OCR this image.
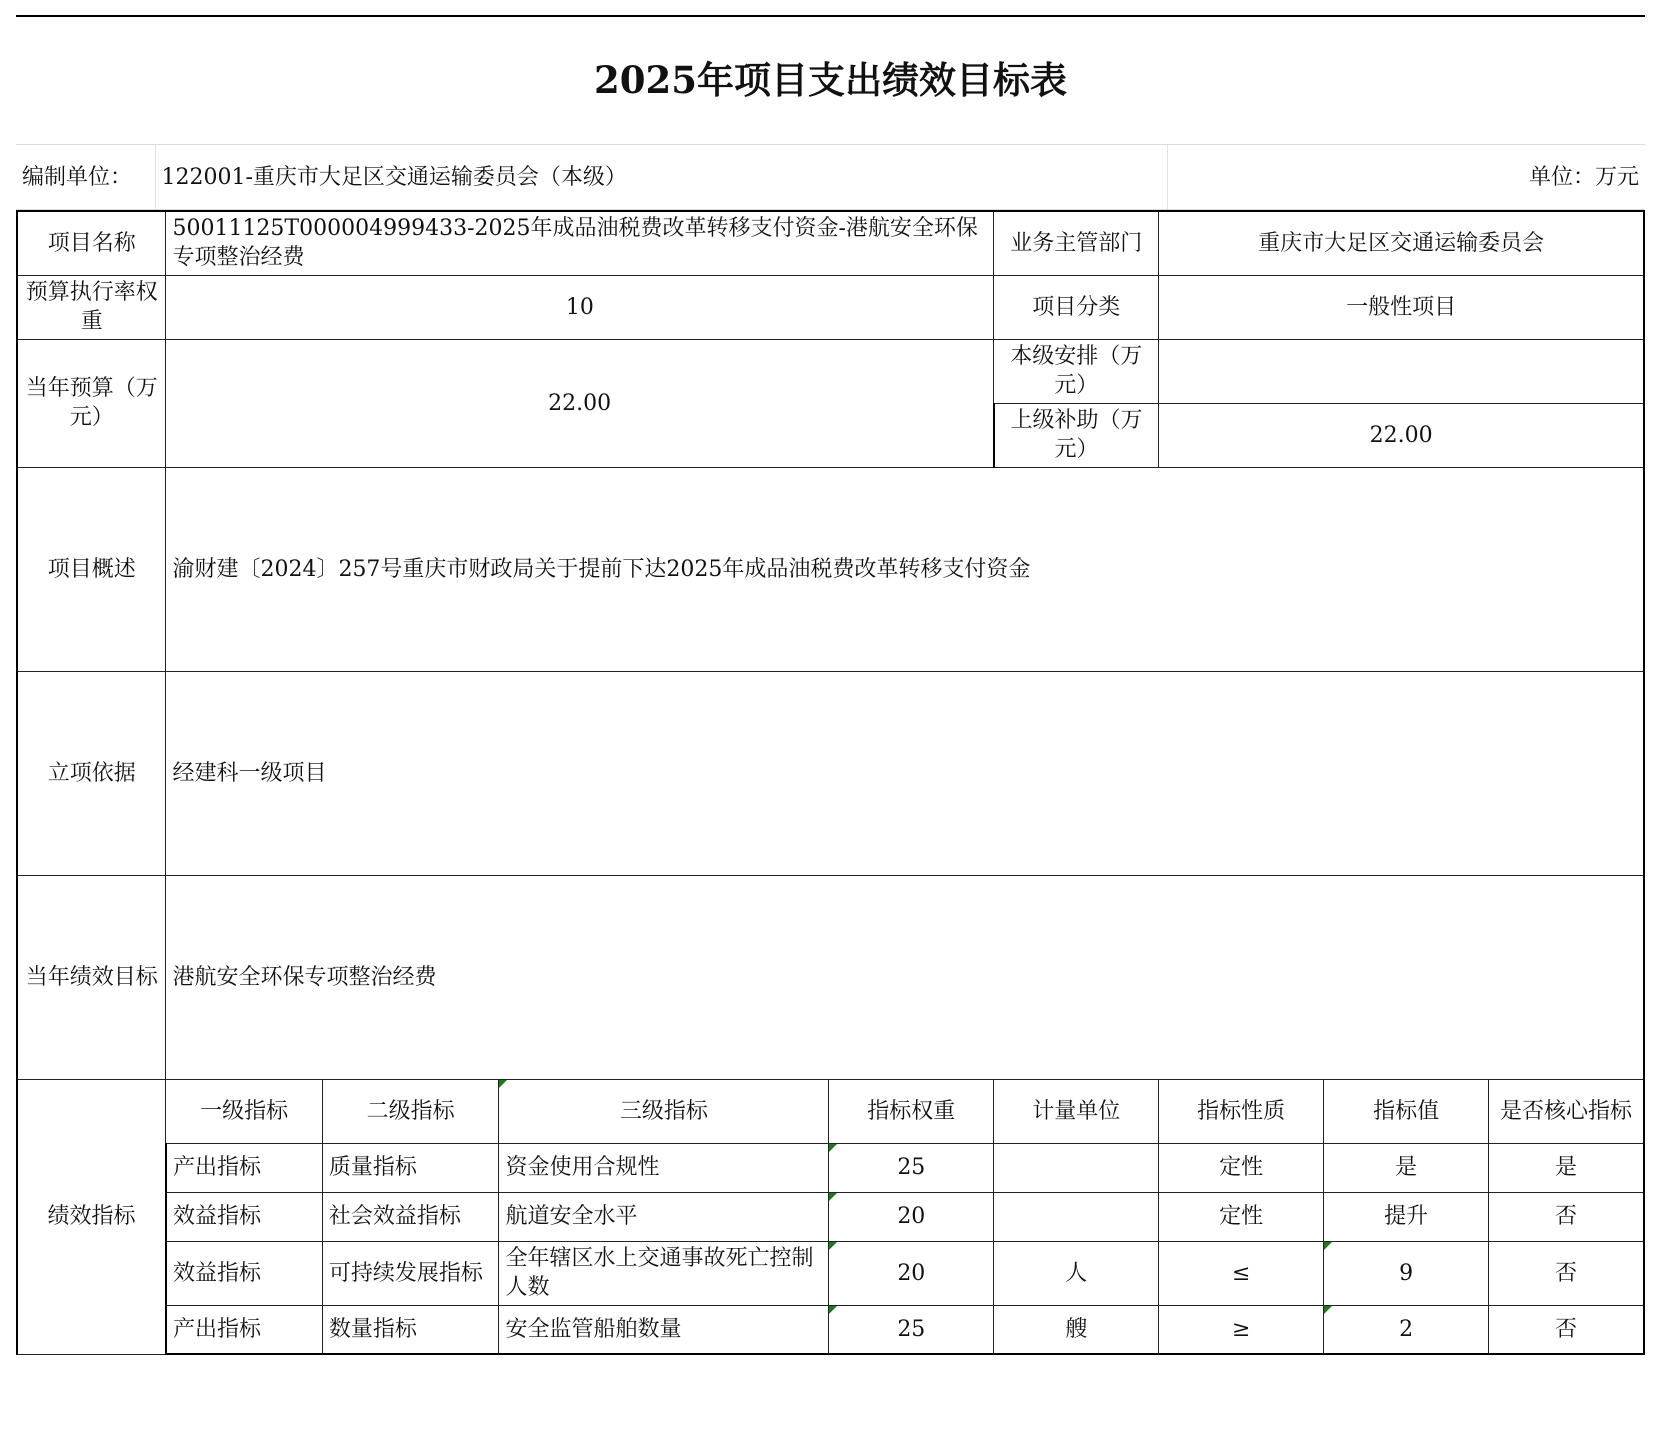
2025年项目支出绩效目标表
编制单位：	122001-重庆市大足区交通运输委员会（本级）	单位：万元
项目名称	50011125T000004999433-2025年成品油税费改革转移支付资金-港航安全环保专项整治经费				业务主管部门	重庆市大足区交通运输委员会		
预算执行率权重	10				项目分类	一般性项目		
当年预算（万元）	22.00				本级安排（万元）			
					上级补助（万元）	22.00		
项目概述	渝财建〔2024〕257号重庆市财政局关于提前下达2025年成品油税费改革转移支付资金							
立项依据	经建科一级项目							
当年绩效目标	港航安全环保专项整治经费							
绩效指标	一级指标	二级指标	三级指标	指标权重	计量单位	指标性质	指标值	是否核心指标
	产出指标	质量指标	资金使用合规性	25		定性	是	是
	效益指标	社会效益指标	航道安全水平	20		定性	提升	否
	效益指标	可持续发展指标	全年辖区水上交通事故死亡控制人数	20	人	≤	9	否
	产出指标	数量指标	安全监管船舶数量	25	艘	≥	2	否
